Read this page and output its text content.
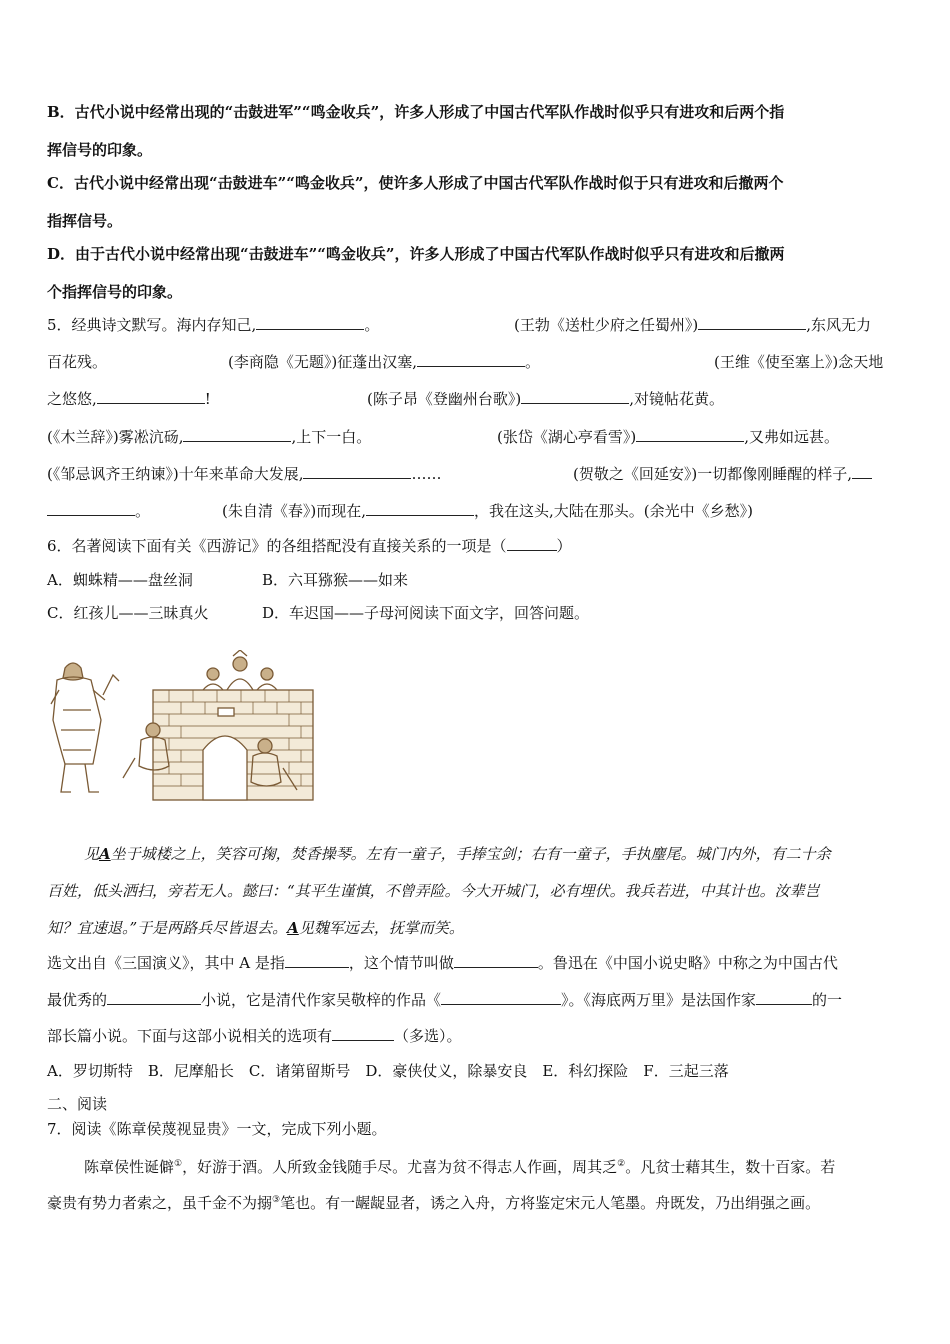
B．古代小说中经常出现的“击鼓进军”“鸣金收兵”，许多人形成了中国古代军队作战时似乎只有进攻和后两个指
挥信号的印象。
C．古代小说中经常出现“击鼓进车”“鸣金收兵”，使许多人形成了中国古代军队作战时似于只有进攻和后撤两个
指挥信号。
D．由于古代小说中经常出现“击鼓进车”“鸣金收兵”，许多人形成了中国古代军队作战时似乎只有进攻和后撤两
个指挥信号的印象。
5．经典诗文默写。海内存知己,	。	(王勃《送杜少府之任蜀州》)	,东风无力
百花残。	(李商隐《无题》)征蓬出汉塞,	。	(王维《使至塞上》)念天地
之悠悠,	!	(陈子昂《登幽州台歌》)	,对镜帖花黄。
(《木兰辞》)雾凇沆砀,	,上下一白。	(张岱《湖心亭看雪》)	,又弗如远甚。
(《邹忌讽齐王纳谏》)十年来革命大发展,	……	(贺敬之《回延安》)一切都像刚睡醒的样子,
。	(朱自清《春》)而现在,	，我在这头,大陆在那头。(余光中《乡愁》)
6．名著阅读下面有关《西游记》的各组搭配没有直接关系的一项是（	）
A．蜘蛛精——盘丝洞	B．六耳猕猴——如来
C．红孩儿——三昧真火	D．车迟国——子母河阅读下面文字，回答问题。
见A坐于城楼之上，笑容可掬，焚香操琴。左有一童子，手捧宝剑；右有一童子，手执麈尾。城门内外，有二十余
百姓，低头洒扫，旁若无人。懿曰：“其平生谨慎，不曾弄险。今大开城门，必有埋伏。我兵若进，中其计也。汝辈岂
知？宜速退。”于是两路兵尽皆退去。A见魏军远去，抚掌而笑。
选文出自《三国演义》，其中 A 是指	，这个情节叫做	。鲁迅在《中国小说史略》中称之为中国古代
最优秀的	小说，它是清代作家吴敬梓的作品《	》。《海底两万里》是法国作家	的一
部长篇小说。下面与这部小说相关的选项有	（多选）。
A．罗切斯特　B．尼摩船长　C．诸第留斯号　D．豪侠仗义，除暴安良　E．科幻探险　F．三起三落
二、阅读
7．阅读《陈章侯蔑视显贵》一文，完成下列小题。
陈章侯性诞僻①，好游于酒。人所致金钱随手尽。尤喜为贫不得志人作画，周其乏②。凡贫士藉其生，数十百家。若
豪贵有势力者索之，虽千金不为搦③笔也。有一龌龊显者，诱之入舟，方将鉴定宋元人笔墨。舟既发，乃出绢强之画。
